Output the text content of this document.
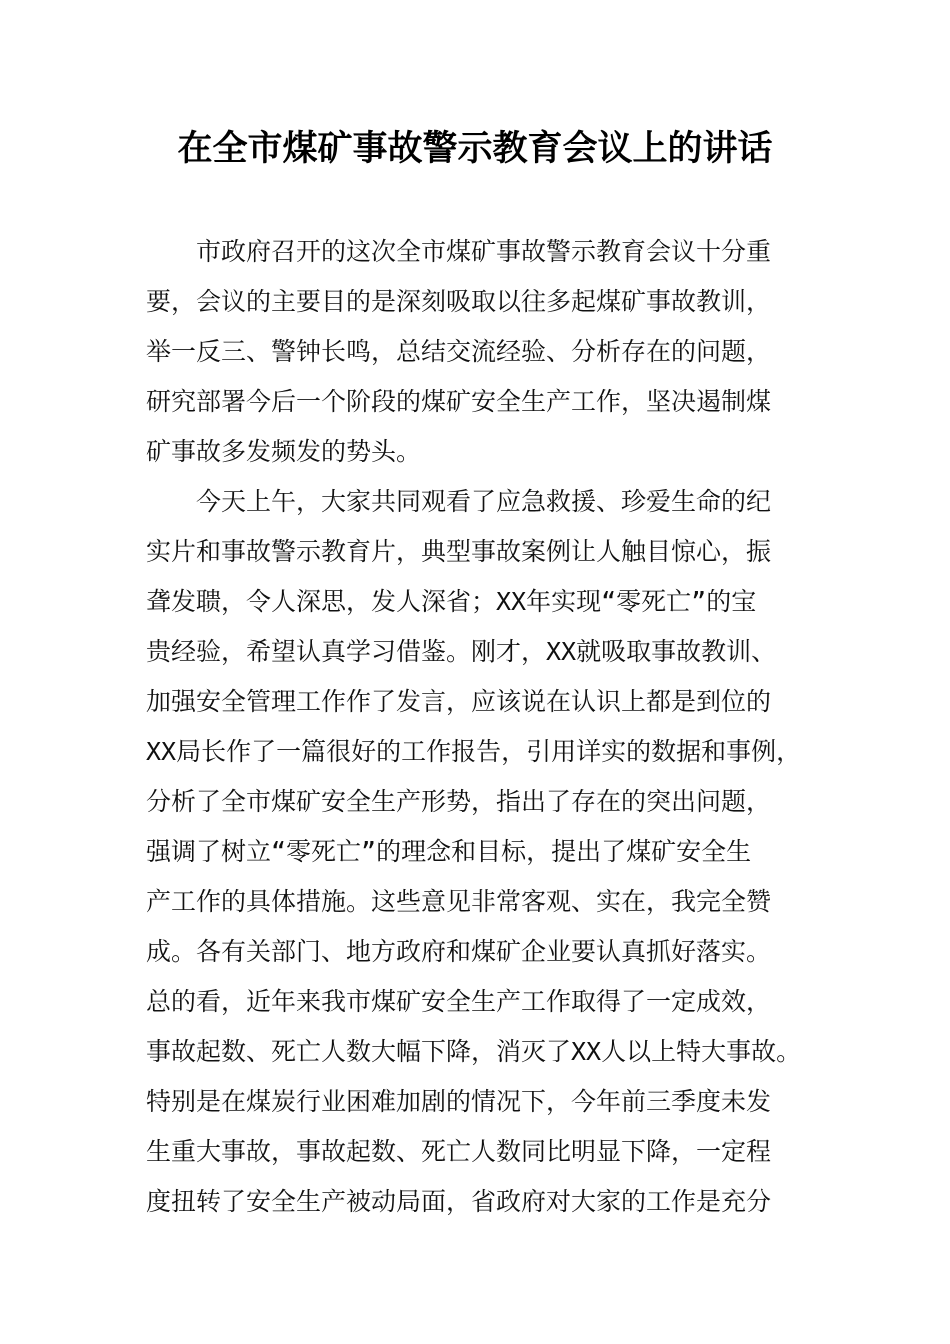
在全市煤矿事故警示教育会议上的讲话
市政府召开的这次全市煤矿事故警示教育会议十分重
要，会议的主要目的是深刻吸取以往多起煤矿事故教训，
举一反三、警钟长鸣，总结交流经验、分析存在的问题，
研究部署今后一个阶段的煤矿安全生产工作，坚决遏制煤
矿事故多发频发的势头。
今天上午，大家共同观看了应急救援、珍爱生命的纪
实片和事故警示教育片，典型事故案例让人触目惊心，振
聋发聩，令人深思，发人深省；XX年实现“零死亡”的宝
贵经验，希望认真学习借鉴。刚才，XX就吸取事故教训、
加强安全管理工作作了发言，应该说在认识上都是到位的
XX局长作了一篇很好的工作报告，引用详实的数据和事例，
分析了全市煤矿安全生产形势，指出了存在的突出问题，
强调了树立“零死亡”的理念和目标，提出了煤矿安全生
产工作的具体措施。这些意见非常客观、实在，我完全赞
成。各有关部门、地方政府和煤矿企业要认真抓好落实。
总的看，近年来我市煤矿安全生产工作取得了一定成效，
事故起数、死亡人数大幅下降，消灭了XX人以上特大事故。
特别是在煤炭行业困难加剧的情况下，今年前三季度未发
生重大事故，事故起数、死亡人数同比明显下降，一定程
度扭转了安全生产被动局面，省政府对大家的工作是充分
